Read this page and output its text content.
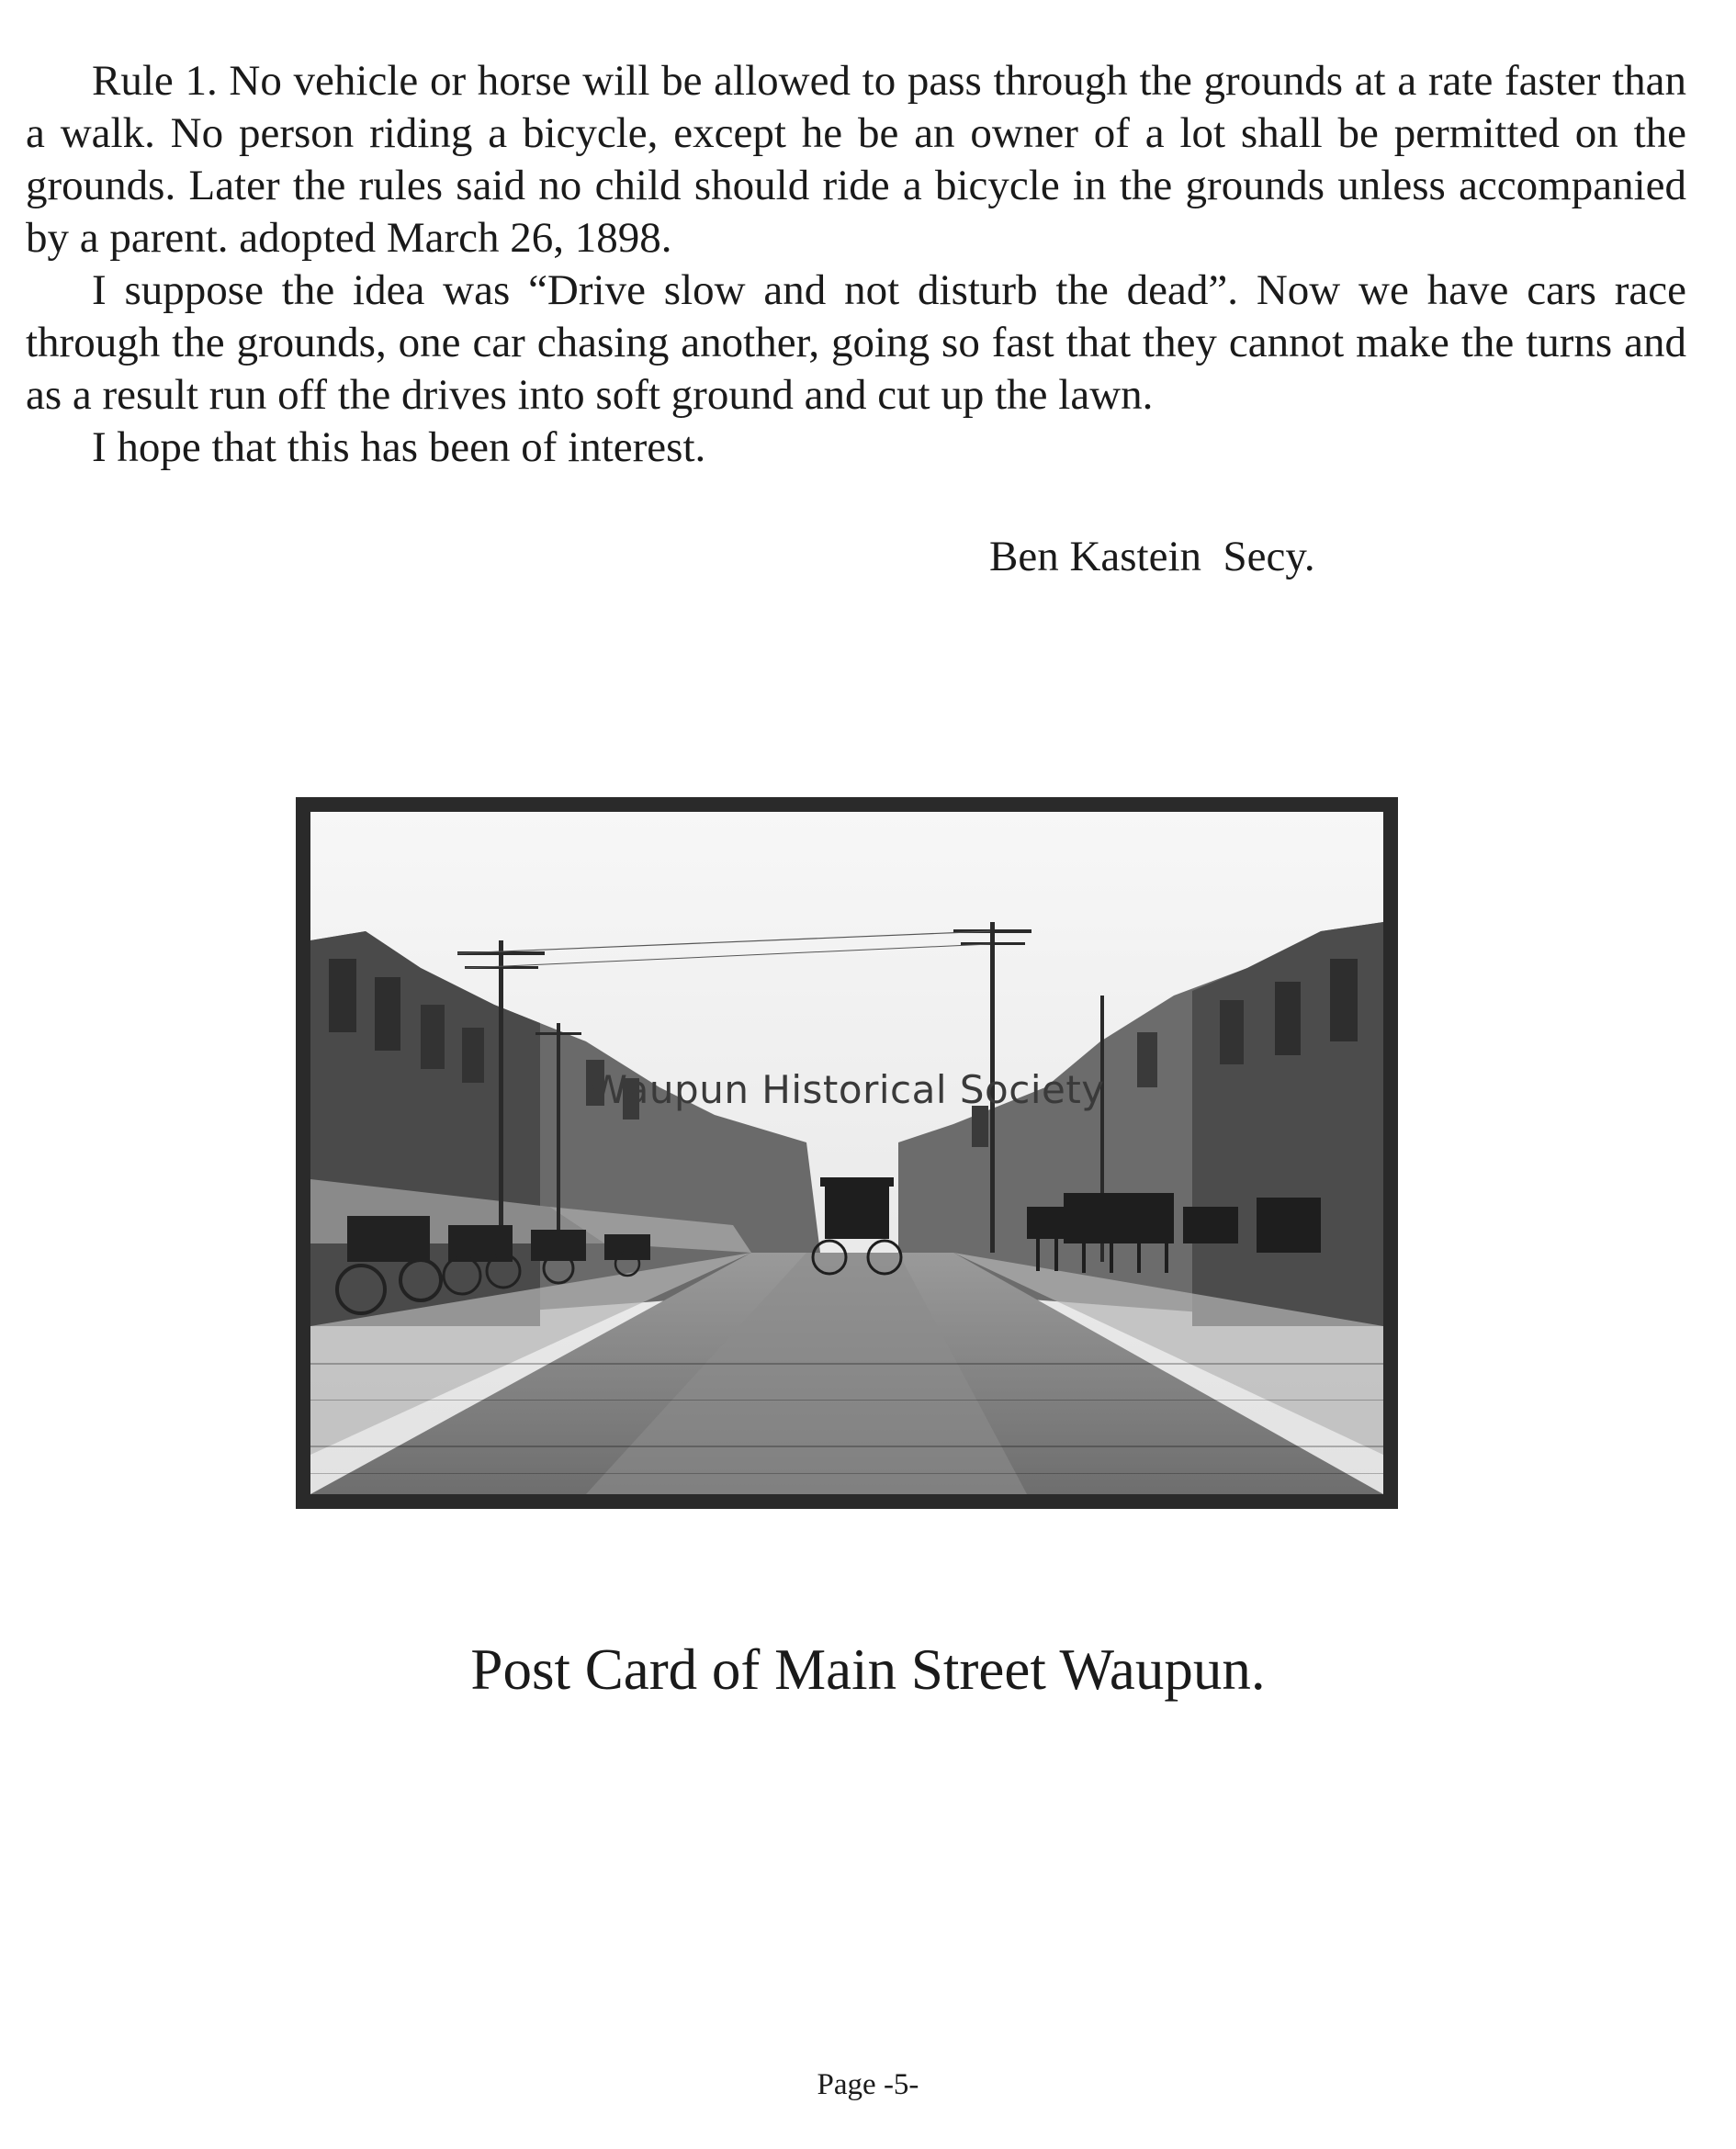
Rule 1. No vehicle or horse will be allowed to pass through the grounds at a rate faster than a walk. No person riding a bicycle, except he be an owner of a lot shall be permitted on the grounds. Later the rules said no child should ride a bicycle in the grounds unless accompanied by a parent. adopted March 26, 1898.

I suppose the idea was “Drive slow and not disturb the dead”. Now we have cars race through the grounds, one car chasing another, going so fast that they cannot make the turns and as a result run off the drives into soft ground and cut up the lawn.

I hope that this has been of interest.

Ben Kastein  Secy.
Waupun Historical Society
Post Card of Main Street Waupun.
Page -5-
